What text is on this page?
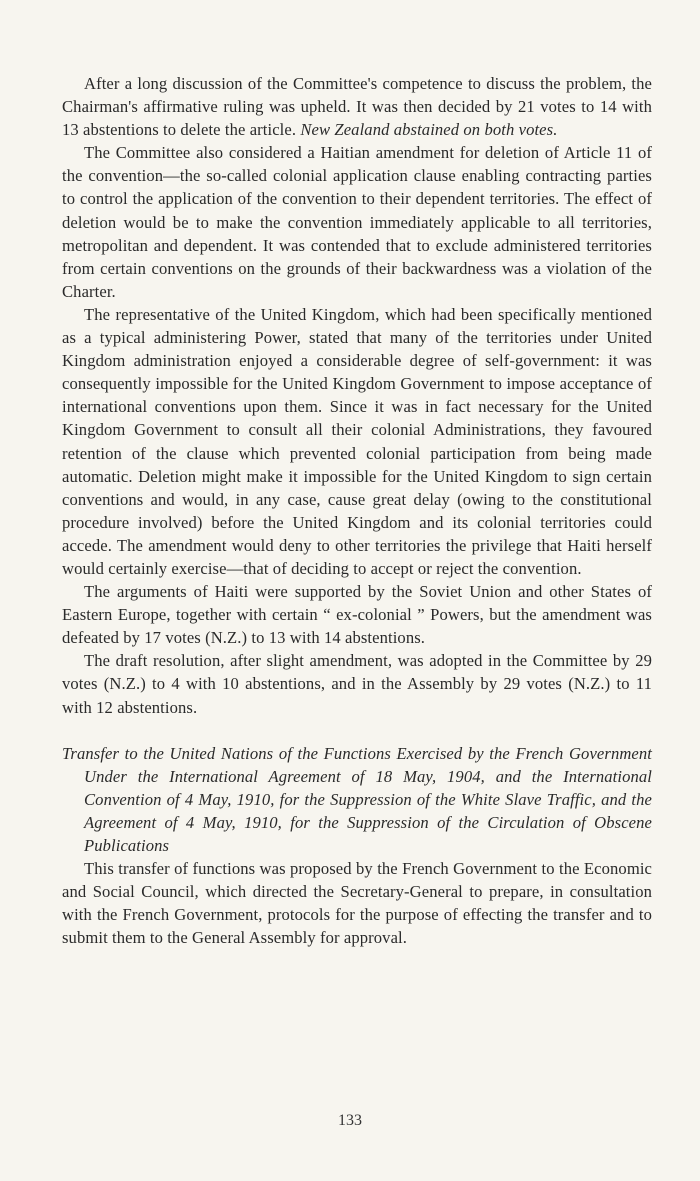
After a long discussion of the Committee's competence to discuss the problem, the Chairman's affirmative ruling was upheld. It was then decided by 21 votes to 14 with 13 abstentions to delete the article. New Zealand abstained on both votes.

The Committee also considered a Haitian amendment for deletion of Article 11 of the convention—the so-called colonial application clause enabling contracting parties to control the application of the convention to their dependent territories. The effect of deletion would be to make the convention immediately applicable to all territories, metropolitan and dependent. It was contended that to exclude administered territories from certain conventions on the grounds of their backwardness was a violation of the Charter.

The representative of the United Kingdom, which had been specifically mentioned as a typical administering Power, stated that many of the territories under United Kingdom administration enjoyed a considerable degree of self-government: it was consequently impossible for the United Kingdom Government to impose acceptance of international conventions upon them. Since it was in fact necessary for the United Kingdom Government to consult all their colonial Administrations, they favoured retention of the clause which prevented colonial participation from being made automatic. Deletion might make it impossible for the United Kingdom to sign certain conventions and would, in any case, cause great delay (owing to the constitutional procedure involved) before the United Kingdom and its colonial territories could accede. The amendment would deny to other territories the privilege that Haiti herself would certainly exercise—that of deciding to accept or reject the convention.

The arguments of Haiti were supported by the Soviet Union and other States of Eastern Europe, together with certain “ ex-colonial ” Powers, but the amendment was defeated by 17 votes (N.Z.) to 13 with 14 abstentions.

The draft resolution, after slight amendment, was adopted in the Committee by 29 votes (N.Z.) to 4 with 10 abstentions, and in the Assembly by 29 votes (N.Z.) to 11 with 12 abstentions.

Transfer to the United Nations of the Functions Exercised by the French Government Under the International Agreement of 18 May, 1904, and the International Convention of 4 May, 1910, for the Suppression of the White Slave Traffic, and the Agreement of 4 May, 1910, for the Suppression of the Circulation of Obscene Publications

This transfer of functions was proposed by the French Government to the Economic and Social Council, which directed the Secretary-General to prepare, in consultation with the French Government, protocols for the purpose of effecting the transfer and to submit them to the General Assembly for approval.

133
